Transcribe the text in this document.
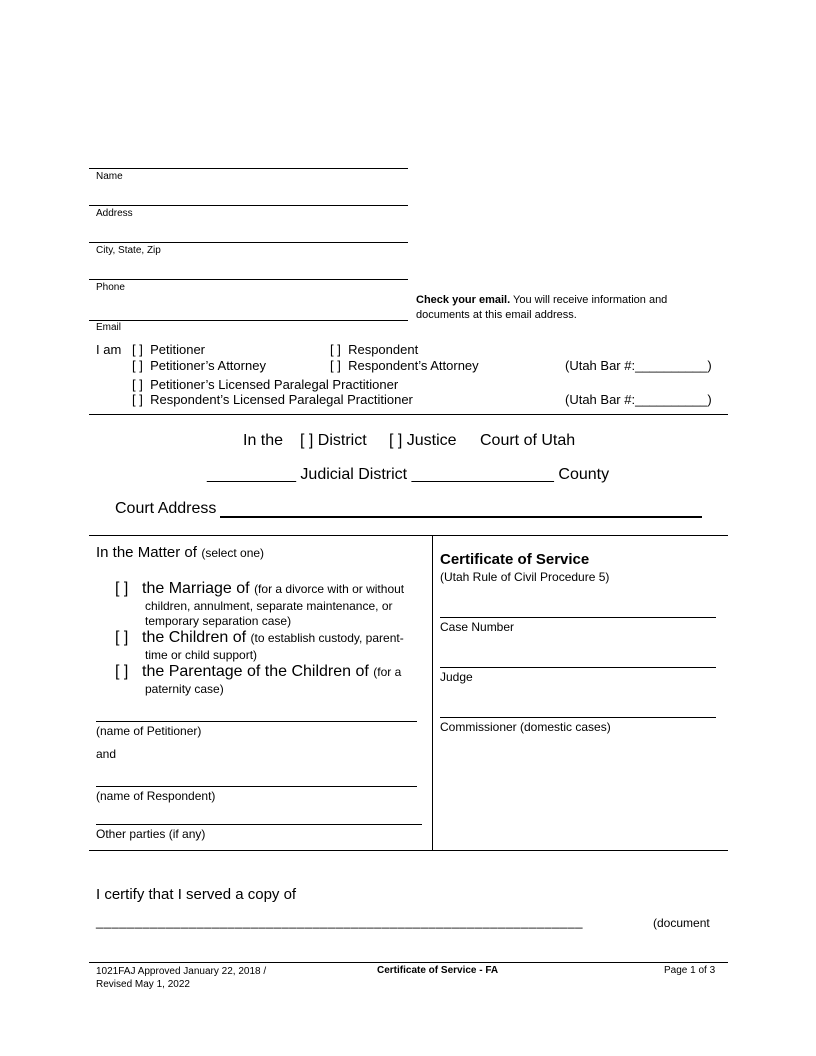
Name
Address
City, State, Zip
Phone
Email
Check your email. You will receive information and
documents at this email address.
I am [ ] Petitioner	[ ] Respondent
[ ] Petitioner’s Attorney	[ ] Respondent’s Attorney	(Utah Bar #:__________)
[ ] Petitioner’s Licensed Paralegal Practitioner
[ ] Respondent’s Licensed Paralegal Practitioner	(Utah Bar #:__________)
In the [ ] District [ ] Justice Court of Utah
__________ Judicial District ________________ County
Court Address
In the Matter of (select one)
[ ] the Marriage of (for a divorce with or without
children, annulment, separate maintenance, or
temporary separation case)
[ ] the Children of (to establish custody, parent-
time or child support)
[ ] the Parentage of the Children of (for a
paternity case)
(name of Petitioner)
and
(name of Respondent)
Other parties (if any)
Certificate of Service
(Utah Rule of Civil Procedure 5)
Case Number
Judge
Commissioner (domestic cases)
I certify that I served a copy of
_______________________________________________________________	(document
1021FAJ Approved January 22, 2018 /
Revised May 1, 2022
Certificate of Service - FA	Page 1 of 3
